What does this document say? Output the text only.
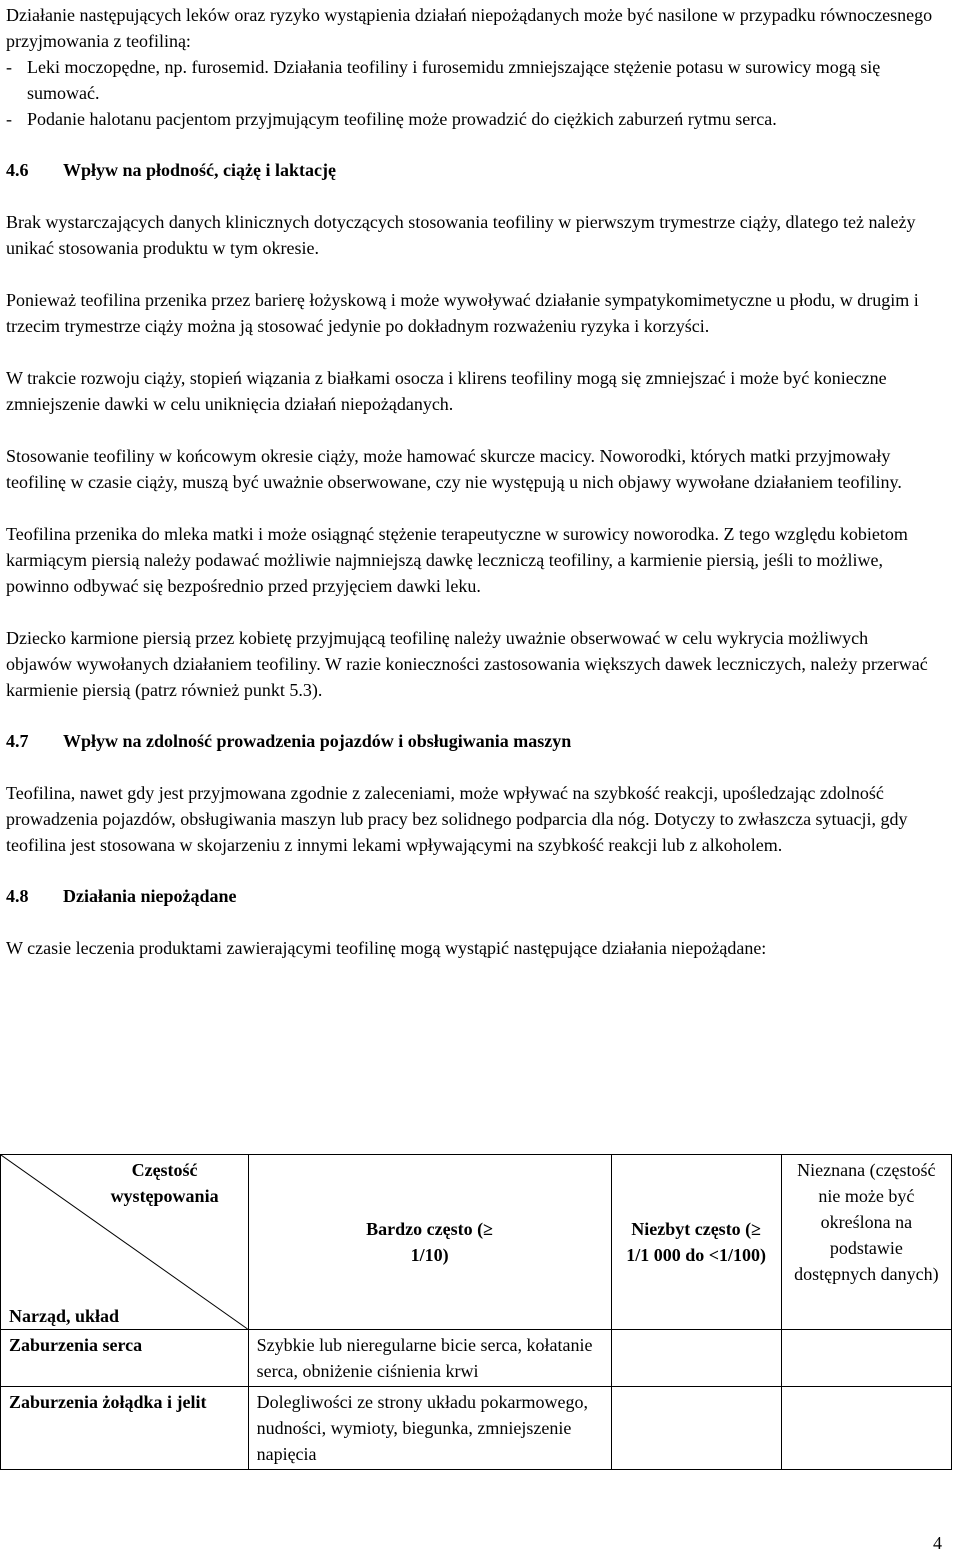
Działanie następujących leków oraz ryzyko wystąpienia działań niepożądanych może być nasilone w przypadku równoczesnego przyjmowania z teofiliną:

- Leki moczopędne, np. furosemid. Działania teofiliny i furosemidu zmniejszające stężenie potasu w surowicy mogą się sumować.
- Podanie halotanu pacjentom przyjmującym teofilinę może prowadzić do ciężkich zaburzeń rytmu serca.
4.6	Wpływ na płodność, ciążę i laktację

Brak wystarczających danych klinicznych dotyczących stosowania teofiliny w pierwszym trymestrze ciąży, dlatego też należy unikać stosowania produktu w tym okresie.

Ponieważ teofilina przenika przez barierę łożyskową i może wywoływać działanie sympatykomimetyczne u płodu, w drugim i trzecim trymestrze ciąży można ją stosować jedynie po dokładnym rozważeniu ryzyka i korzyści.

W trakcie rozwoju ciąży, stopień wiązania z białkami osocza i klirens teofiliny mogą się zmniejszać i może być konieczne zmniejszenie dawki w celu uniknięcia działań niepożądanych.

Stosowanie teofiliny w końcowym okresie ciąży, może hamować skurcze macicy. Noworodki, których matki przyjmowały teofilinę w czasie ciąży, muszą być uważnie obserwowane, czy nie występują u nich objawy wywołane działaniem teofiliny.

Teofilina przenika do mleka matki i może osiągnąć stężenie terapeutyczne w surowicy noworodka. Z tego względu kobietom karmiącym piersią należy podawać możliwie najmniejszą dawkę leczniczą teofiliny, a karmienie piersią, jeśli to możliwe, powinno odbywać się bezpośrednio przed przyjęciem dawki leku.

Dziecko karmione piersią przez kobietę przyjmującą teofilinę należy uważnie obserwować w celu wykrycia możliwych objawów wywołanych działaniem teofiliny. W razie konieczności zastosowania większych dawek leczniczych, należy przerwać karmienie piersią (patrz również punkt 5.3).

4.7	Wpływ na zdolność prowadzenia pojazdów i obsługiwania maszyn

Teofilina, nawet gdy jest przyjmowana zgodnie z zaleceniami, może wpływać na szybkość reakcji, upośledzając zdolność prowadzenia pojazdów, obsługiwania maszyn lub pracy bez solidnego podparcia dla nóg. Dotyczy to zwłaszcza sytuacji, gdy teofilina jest stosowana w skojarzeniu z innymi lekami wpływającymi na szybkość reakcji lub z alkoholem.

4.8	Działania niepożądane

W czasie leczenia produktami zawierającymi teofilinę mogą wystąpić następujące działania niepożądane:

Częstość występowania
Narząd, układ	Bardzo często (≥ 1/10)	Niezbyt często (≥ 1/1 000 do <1/100)	Nieznana (częstość nie może być określona na podstawie dostępnych danych)

Zaburzenia serca	Szybkie lub nieregularne bicie serca, kołatanie serca, obniżenie ciśnienia krwi		
Zaburzenia żołądka i jelit	Dolegliwości ze strony układu pokarmowego, nudności, wymioty, biegunka, zmniejszenie napięcia		
4
